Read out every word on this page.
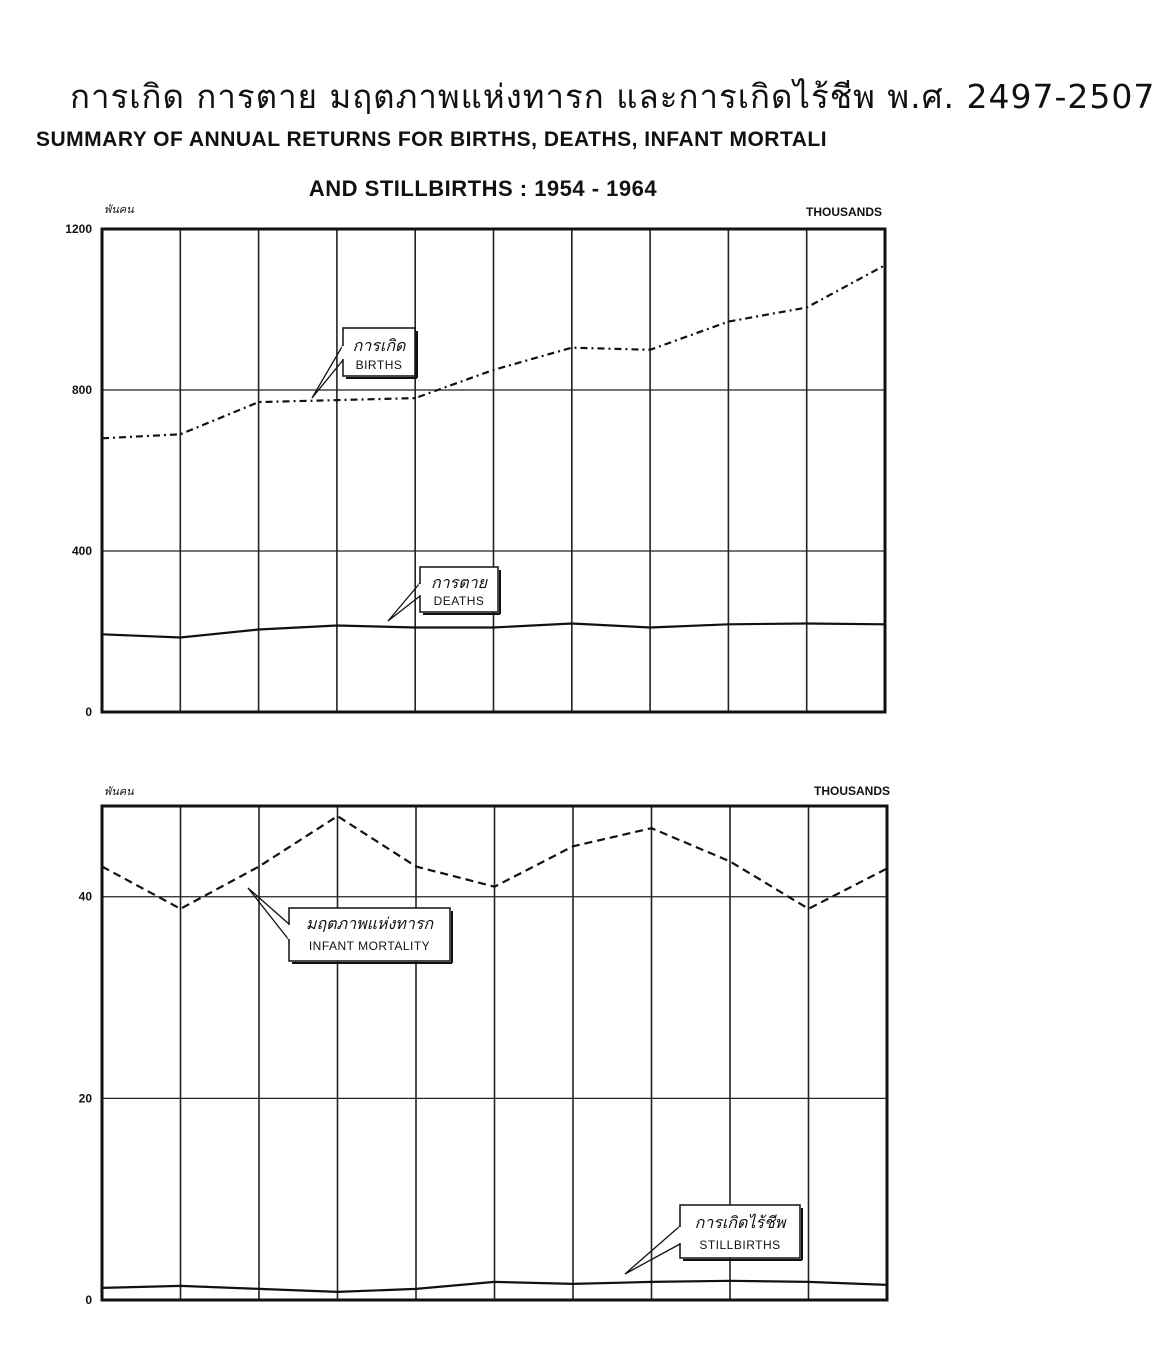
การเกิด การตาย มฤตภาพแห่งทารก และการเกิดไร้ชีพ พ.ศ. 2497-2507
SUMMARY OF ANNUAL RETURNS FOR BIRTHS, DEATHS, INFANT MORTALI
AND STILLBIRTHS : 1954 - 1964
0
400
800
1200
พันคน	THOUSANDS
การเกิด
BIRTHS
การตาย
DEATHS
0
20
40
พันคน	THOUSANDS
มฤตภาพแห่งทารก
INFANT MORTALITY
การเกิดไร้ชีพ
STILLBIRTHS
